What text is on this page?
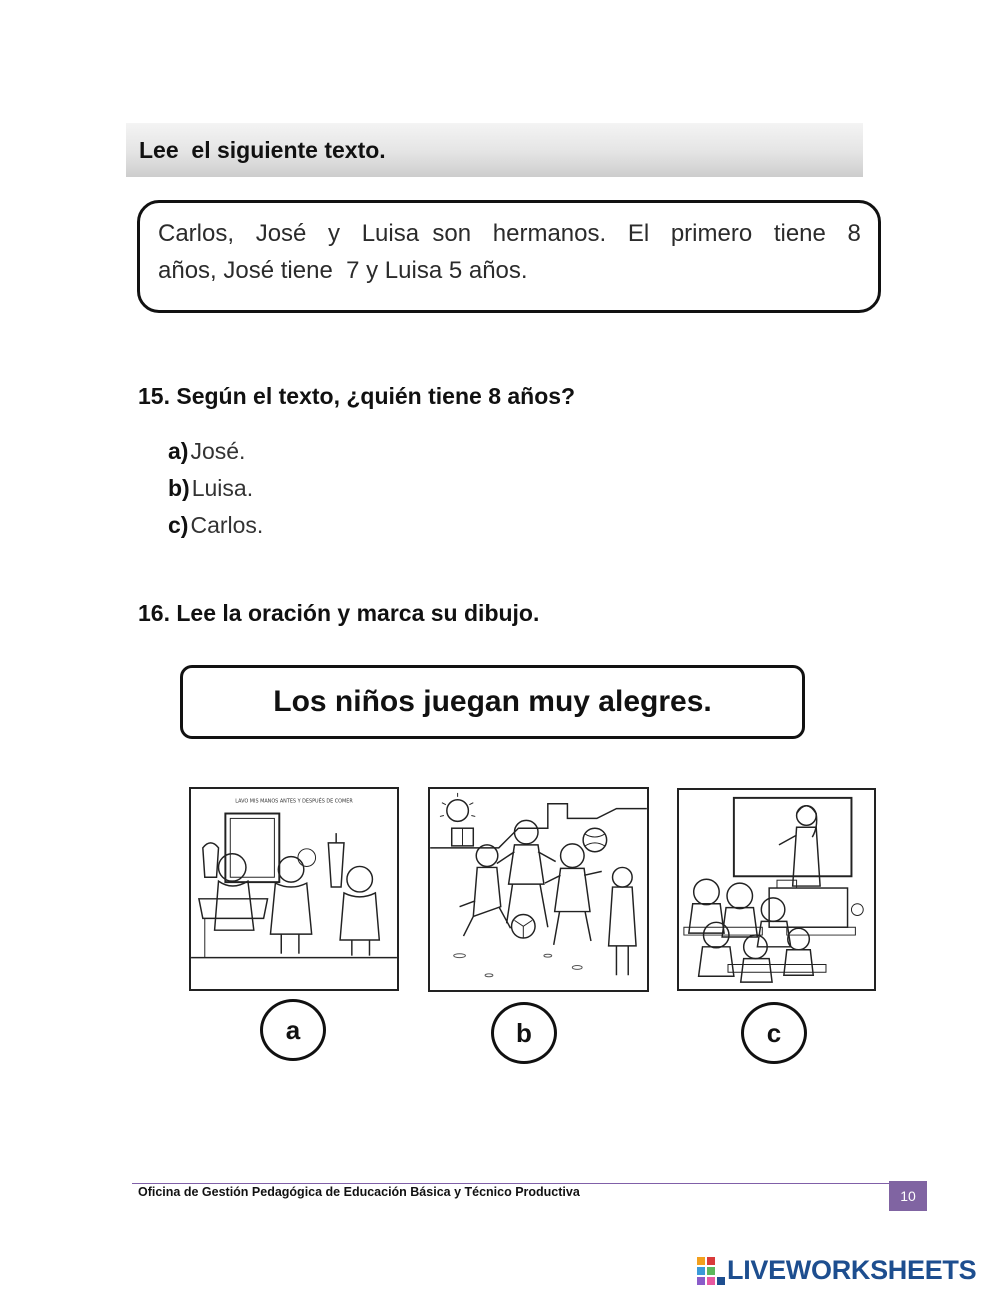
Lee  el siguiente texto.
Carlos, José y Luisa  son hermanos. El primero tiene 8
años, José tiene  7 y Luisa 5 años.
15. Según el texto, ¿quién tiene 8 años?
a) José.
b) Luisa.
c) Carlos.
16. Lee la oración y marca su dibujo.
Los niños juegan muy alegres.
LAVO MIS MANOS ANTES Y DESPUÉS DE COMER
a	b	c
Oficina de Gestión Pedagógica de Educación Básica y Técnico Productiva	10
LIVEWORKSHEETS
